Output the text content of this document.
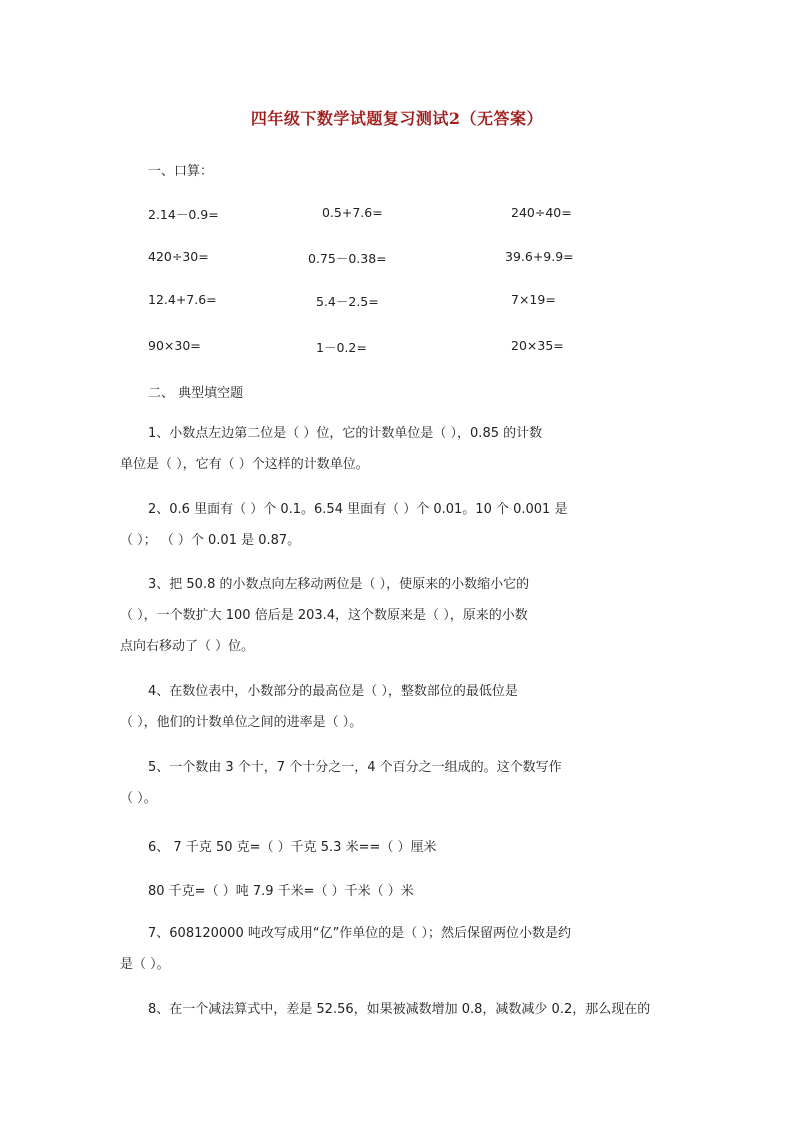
四年级下数学试题复习测试2（无答案）
一、口算：
2.14－0.9=	0.5+7.6=	240÷40=
420÷30=	0.75－0.38=	39.6+9.9=
12.4+7.6=	5.4－2.5=	7×19=
90×30=	1－0.2=	20×35=
二、 典型填空题
1、小数点左边第二位是（ ）位，它的计数单位是（ ），0.85 的计数
单位是（ ），它有（ ）个这样的计数单位。
2、0.6 里面有（ ）个 0.1。6.54 里面有（ ）个 0.01。10 个 0.001 是
（ ）； （ ）个 0.01 是 0.87。
3、把 50.8 的小数点向左移动两位是（ ），使原来的小数缩小它的
（ ），一个数扩大 100 倍后是 203.4，这个数原来是（ ），原来的小数
点向右移动了（ ）位。
4、在数位表中，小数部分的最高位是（ ），整数部位的最低位是
（ ），他们的计数单位之间的进率是（ ）。
5、一个数由 3 个十，7 个十分之一，4 个百分之一组成的。这个数写作
（ ）。
6、 7 千克 50 克=（ ）千克 5.3 米==（ ）厘米
80 千克=（ ）吨 7.9 千米=（ ）千米（ ）米
7、608120000 吨改写成用“亿”作单位的是（ ）；然后保留两位小数是约
是（ ）。
8、在一个减法算式中，差是 52.56，如果被减数增加 0.8，减数减少 0.2，那么现在的
